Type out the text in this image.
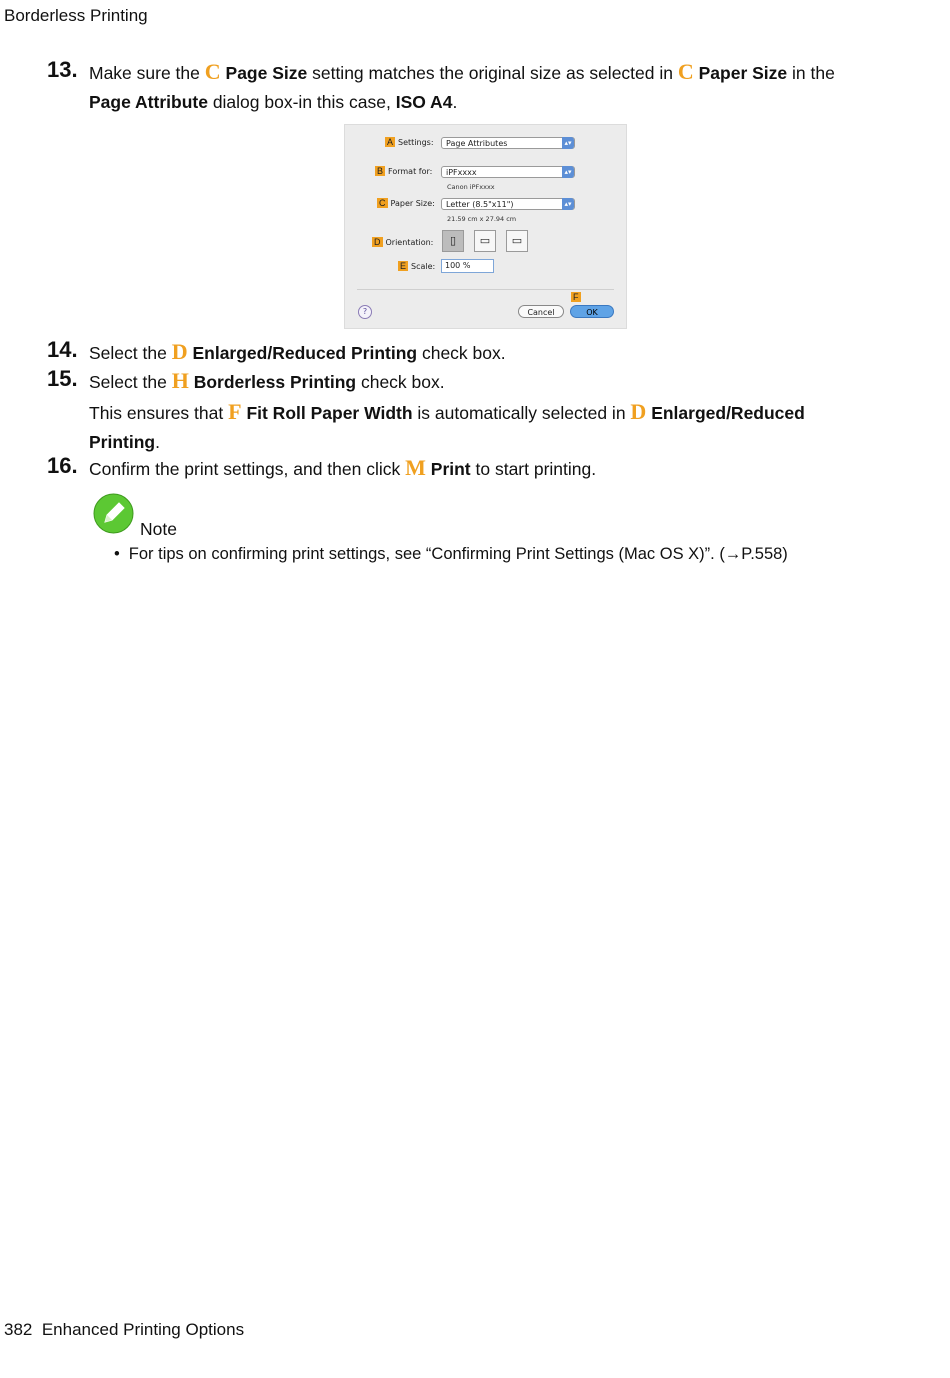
Borderless Printing
13. Make sure the C Page Size setting matches the original size as selected in C Paper Size in the
Page Attribute dialog box-in this case, ISO A4.
A Settings:	Page Attributes	▴▾
B Format for:	iPFxxxx	▴▾
Canon iPFxxxx
C Paper Size:	Letter (8.5"x11")	▴▾
21.59 cm x 27.94 cm
D Orientation:	▯	▭	▭
E Scale:	100 %
F
?	Cancel	OK
14. Select the D Enlarged/Reduced Printing check box.
15. Select the H Borderless Printing check box.
This ensures that F Fit Roll Paper Width is automatically selected in D Enlarged/Reduced
Printing.
16. Confirm the print settings, and then click M Print to start printing.
Note
• For tips on confirming print settings, see “Confirming Print Settings (Mac OS X)”. (→P.558)
382 Enhanced Printing Options
